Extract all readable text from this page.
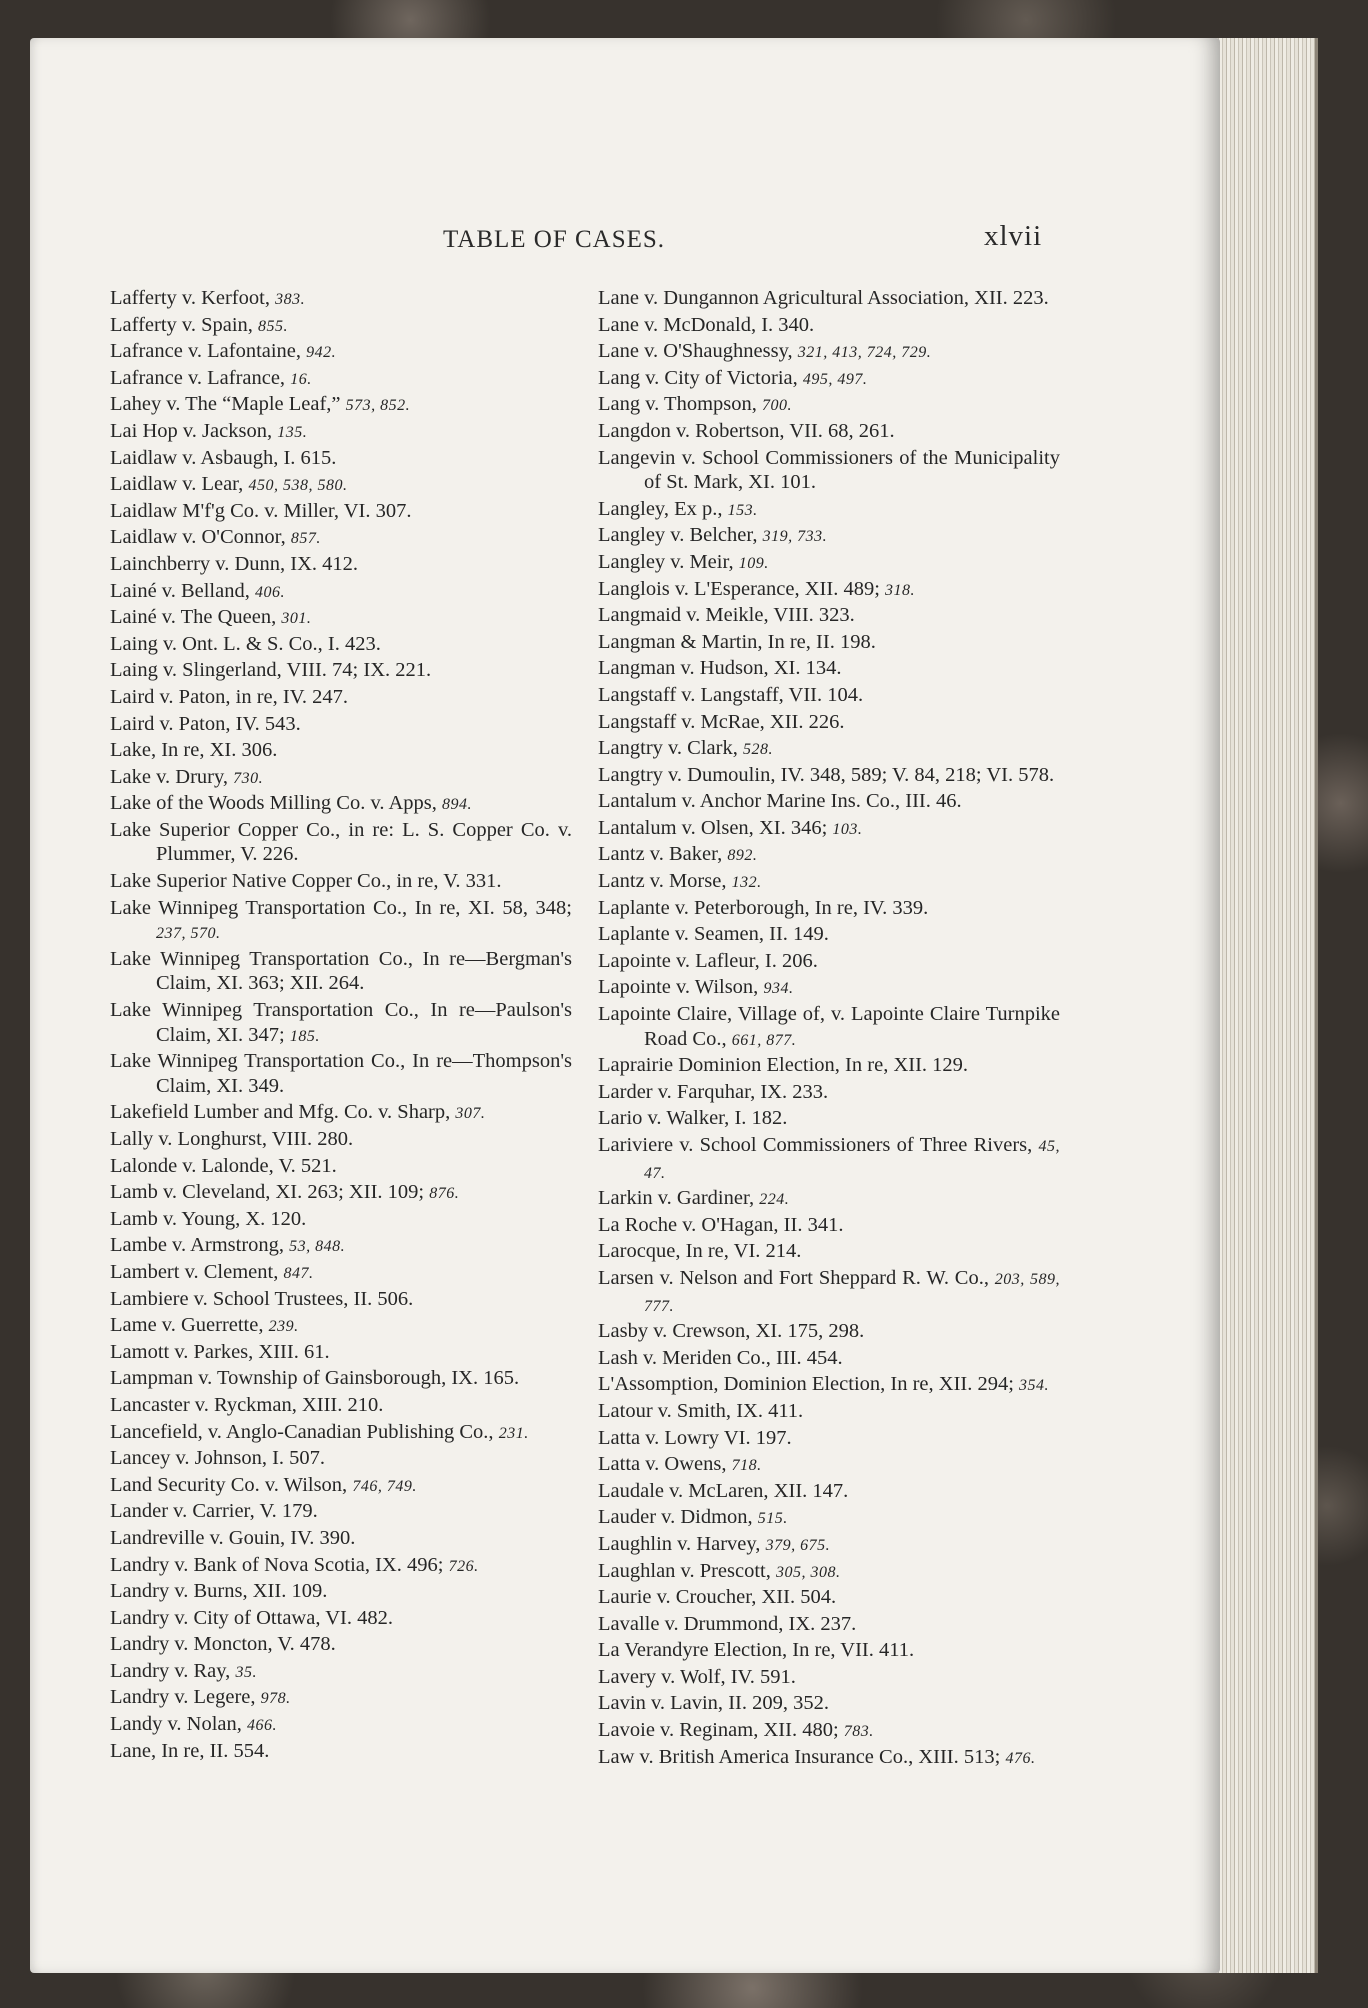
TABLE OF CASES.	xlvii
Lafferty v. Kerfoot, 383.
Lafferty v. Spain, 855.
Lafrance v. Lafontaine, 942.
Lafrance v. Lafrance, 16.
Lahey v. The “Maple Leaf,” 573, 852.
Lai Hop v. Jackson, 135.
Laidlaw v. Asbaugh, I. 615.
Laidlaw v. Lear, 450, 538, 580.
Laidlaw M'f'g Co. v. Miller, VI. 307.
Laidlaw v. O'Connor, 857.
Lainchberry v. Dunn, IX. 412.
Lainé v. Belland, 406.
Lainé v. The Queen, 301.
Laing v. Ont. L. & S. Co., I. 423.
Laing v. Slingerland, VIII. 74; IX. 221.
Laird v. Paton, in re, IV. 247.
Laird v. Paton, IV. 543.
Lake, In re, XI. 306.
Lake v. Drury, 730.
Lake of the Woods Milling Co. v. Apps, 894.
Lake Superior Copper Co., in re: L. S. Copper Co. v. Plummer, V. 226.
Lake Superior Native Copper Co., in re, V. 331.
Lake Winnipeg Transportation Co., In re, XI. 58, 348; 237, 570.
Lake Winnipeg Transportation Co., In re—Bergman's Claim, XI. 363; XII. 264.
Lake Winnipeg Transportation Co., In re—Paulson's Claim, XI. 347; 185.
Lake Winnipeg Transportation Co., In re—Thompson's Claim, XI. 349.
Lakefield Lumber and Mfg. Co. v. Sharp, 307.
Lally v. Longhurst, VIII. 280.
Lalonde v. Lalonde, V. 521.
Lamb v. Cleveland, XI. 263; XII. 109; 876.
Lamb v. Young, X. 120.
Lambe v. Armstrong, 53, 848.
Lambert v. Clement, 847.
Lambiere v. School Trustees, II. 506.
Lame v. Guerrette, 239.
Lamott v. Parkes, XIII. 61.
Lampman v. Township of Gainsborough, IX. 165.
Lancaster v. Ryckman, XIII. 210.
Lancefield, v. Anglo-Canadian Publishing Co., 231.
Lancey v. Johnson, I. 507.
Land Security Co. v. Wilson, 746, 749.
Lander v. Carrier, V. 179.
Landreville v. Gouin, IV. 390.
Landry v. Bank of Nova Scotia, IX. 496; 726.
Landry v. Burns, XII. 109.
Landry v. City of Ottawa, VI. 482.
Landry v. Moncton, V. 478.
Landry v. Ray, 35.
Landry v. Legere, 978.
Landy v. Nolan, 466.
Lane, In re, II. 554.
Lane v. Dungannon Agricultural Association, XII. 223.
Lane v. McDonald, I. 340.
Lane v. O'Shaughnessy, 321, 413, 724, 729.
Lang v. City of Victoria, 495, 497.
Lang v. Thompson, 700.
Langdon v. Robertson, VII. 68, 261.
Langevin v. School Commissioners of the Municipality of St. Mark, XI. 101.
Langley, Ex p., 153.
Langley v. Belcher, 319, 733.
Langley v. Meir, 109.
Langlois v. L'Esperance, XII. 489; 318.
Langmaid v. Meikle, VIII. 323.
Langman & Martin, In re, II. 198.
Langman v. Hudson, XI. 134.
Langstaff v. Langstaff, VII. 104.
Langstaff v. McRae, XII. 226.
Langtry v. Clark, 528.
Langtry v. Dumoulin, IV. 348, 589; V. 84, 218; VI. 578.
Lantalum v. Anchor Marine Ins. Co., III. 46.
Lantalum v. Olsen, XI. 346; 103.
Lantz v. Baker, 892.
Lantz v. Morse, 132.
Laplante v. Peterborough, In re, IV. 339.
Laplante v. Seamen, II. 149.
Lapointe v. Lafleur, I. 206.
Lapointe v. Wilson, 934.
Lapointe Claire, Village of, v. Lapointe Claire Turnpike Road Co., 661, 877.
Laprairie Dominion Election, In re, XII. 129.
Larder v. Farquhar, IX. 233.
Lario v. Walker, I. 182.
Lariviere v. School Commissioners of Three Rivers, 45, 47.
Larkin v. Gardiner, 224.
La Roche v. O'Hagan, II. 341.
Larocque, In re, VI. 214.
Larsen v. Nelson and Fort Sheppard R. W. Co., 203, 589, 777.
Lasby v. Crewson, XI. 175, 298.
Lash v. Meriden Co., III. 454.
L'Assomption, Dominion Election, In re, XII. 294; 354.
Latour v. Smith, IX. 411.
Latta v. Lowry VI. 197.
Latta v. Owens, 718.
Laudale v. McLaren, XII. 147.
Lauder v. Didmon, 515.
Laughlin v. Harvey, 379, 675.
Laughlan v. Prescott, 305, 308.
Laurie v. Croucher, XII. 504.
Lavalle v. Drummond, IX. 237.
La Verandyre Election, In re, VII. 411.
Lavery v. Wolf, IV. 591.
Lavin v. Lavin, II. 209, 352.
Lavoie v. Reginam, XII. 480; 783.
Law v. British America Insurance Co., XIII. 513; 476.
